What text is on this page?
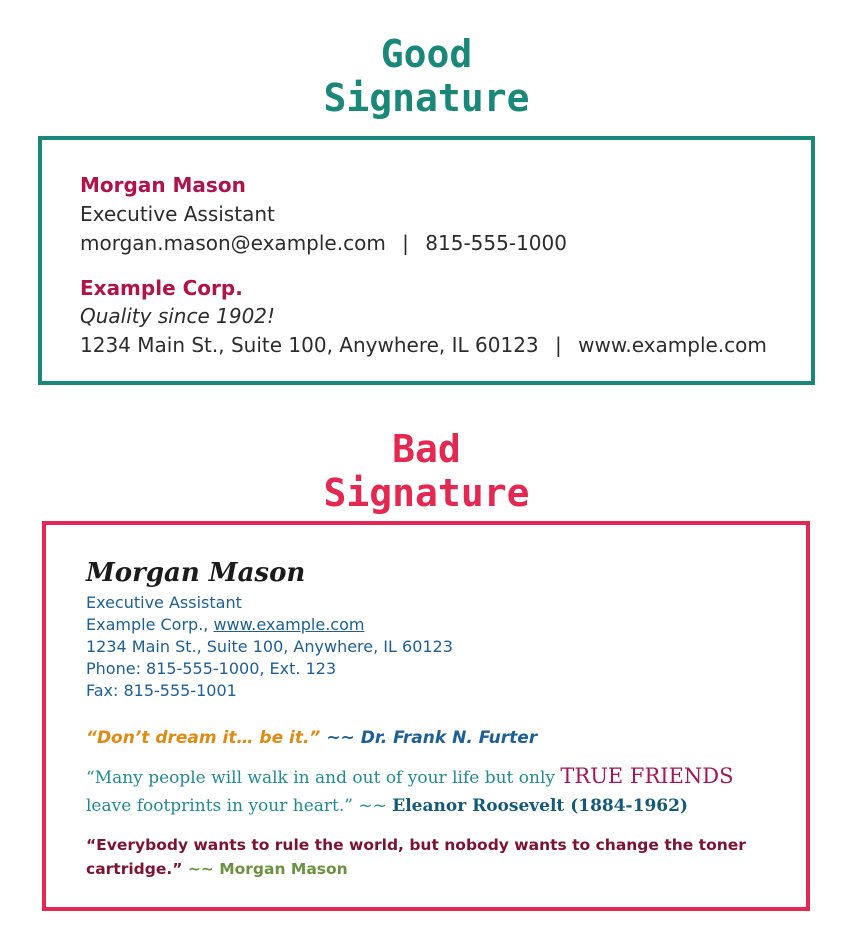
Good
Signature
Morgan Mason
Executive Assistant
morgan.mason@example.com | 815-555-1000
Example Corp.
Quality since 1902!
1234 Main St., Suite 100, Anywhere, IL 60123 | www.example.com
Bad
Signature
Morgan Mason
Executive Assistant
Example Corp., www.example.com
1234 Main St., Suite 100, Anywhere, IL 60123
Phone: 815-555-1000, Ext. 123
Fax: 815-555-1001
“Don’t dream it… be it.” ~~ Dr. Frank N. Furter
“Many people will walk in and out of your life but only TRUE FRIENDS
leave footprints in your heart.” ~~ Eleanor Roosevelt (1884-1962)
“Everybody wants to rule the world, but nobody wants to change the toner
cartridge.” ~~ Morgan Mason
